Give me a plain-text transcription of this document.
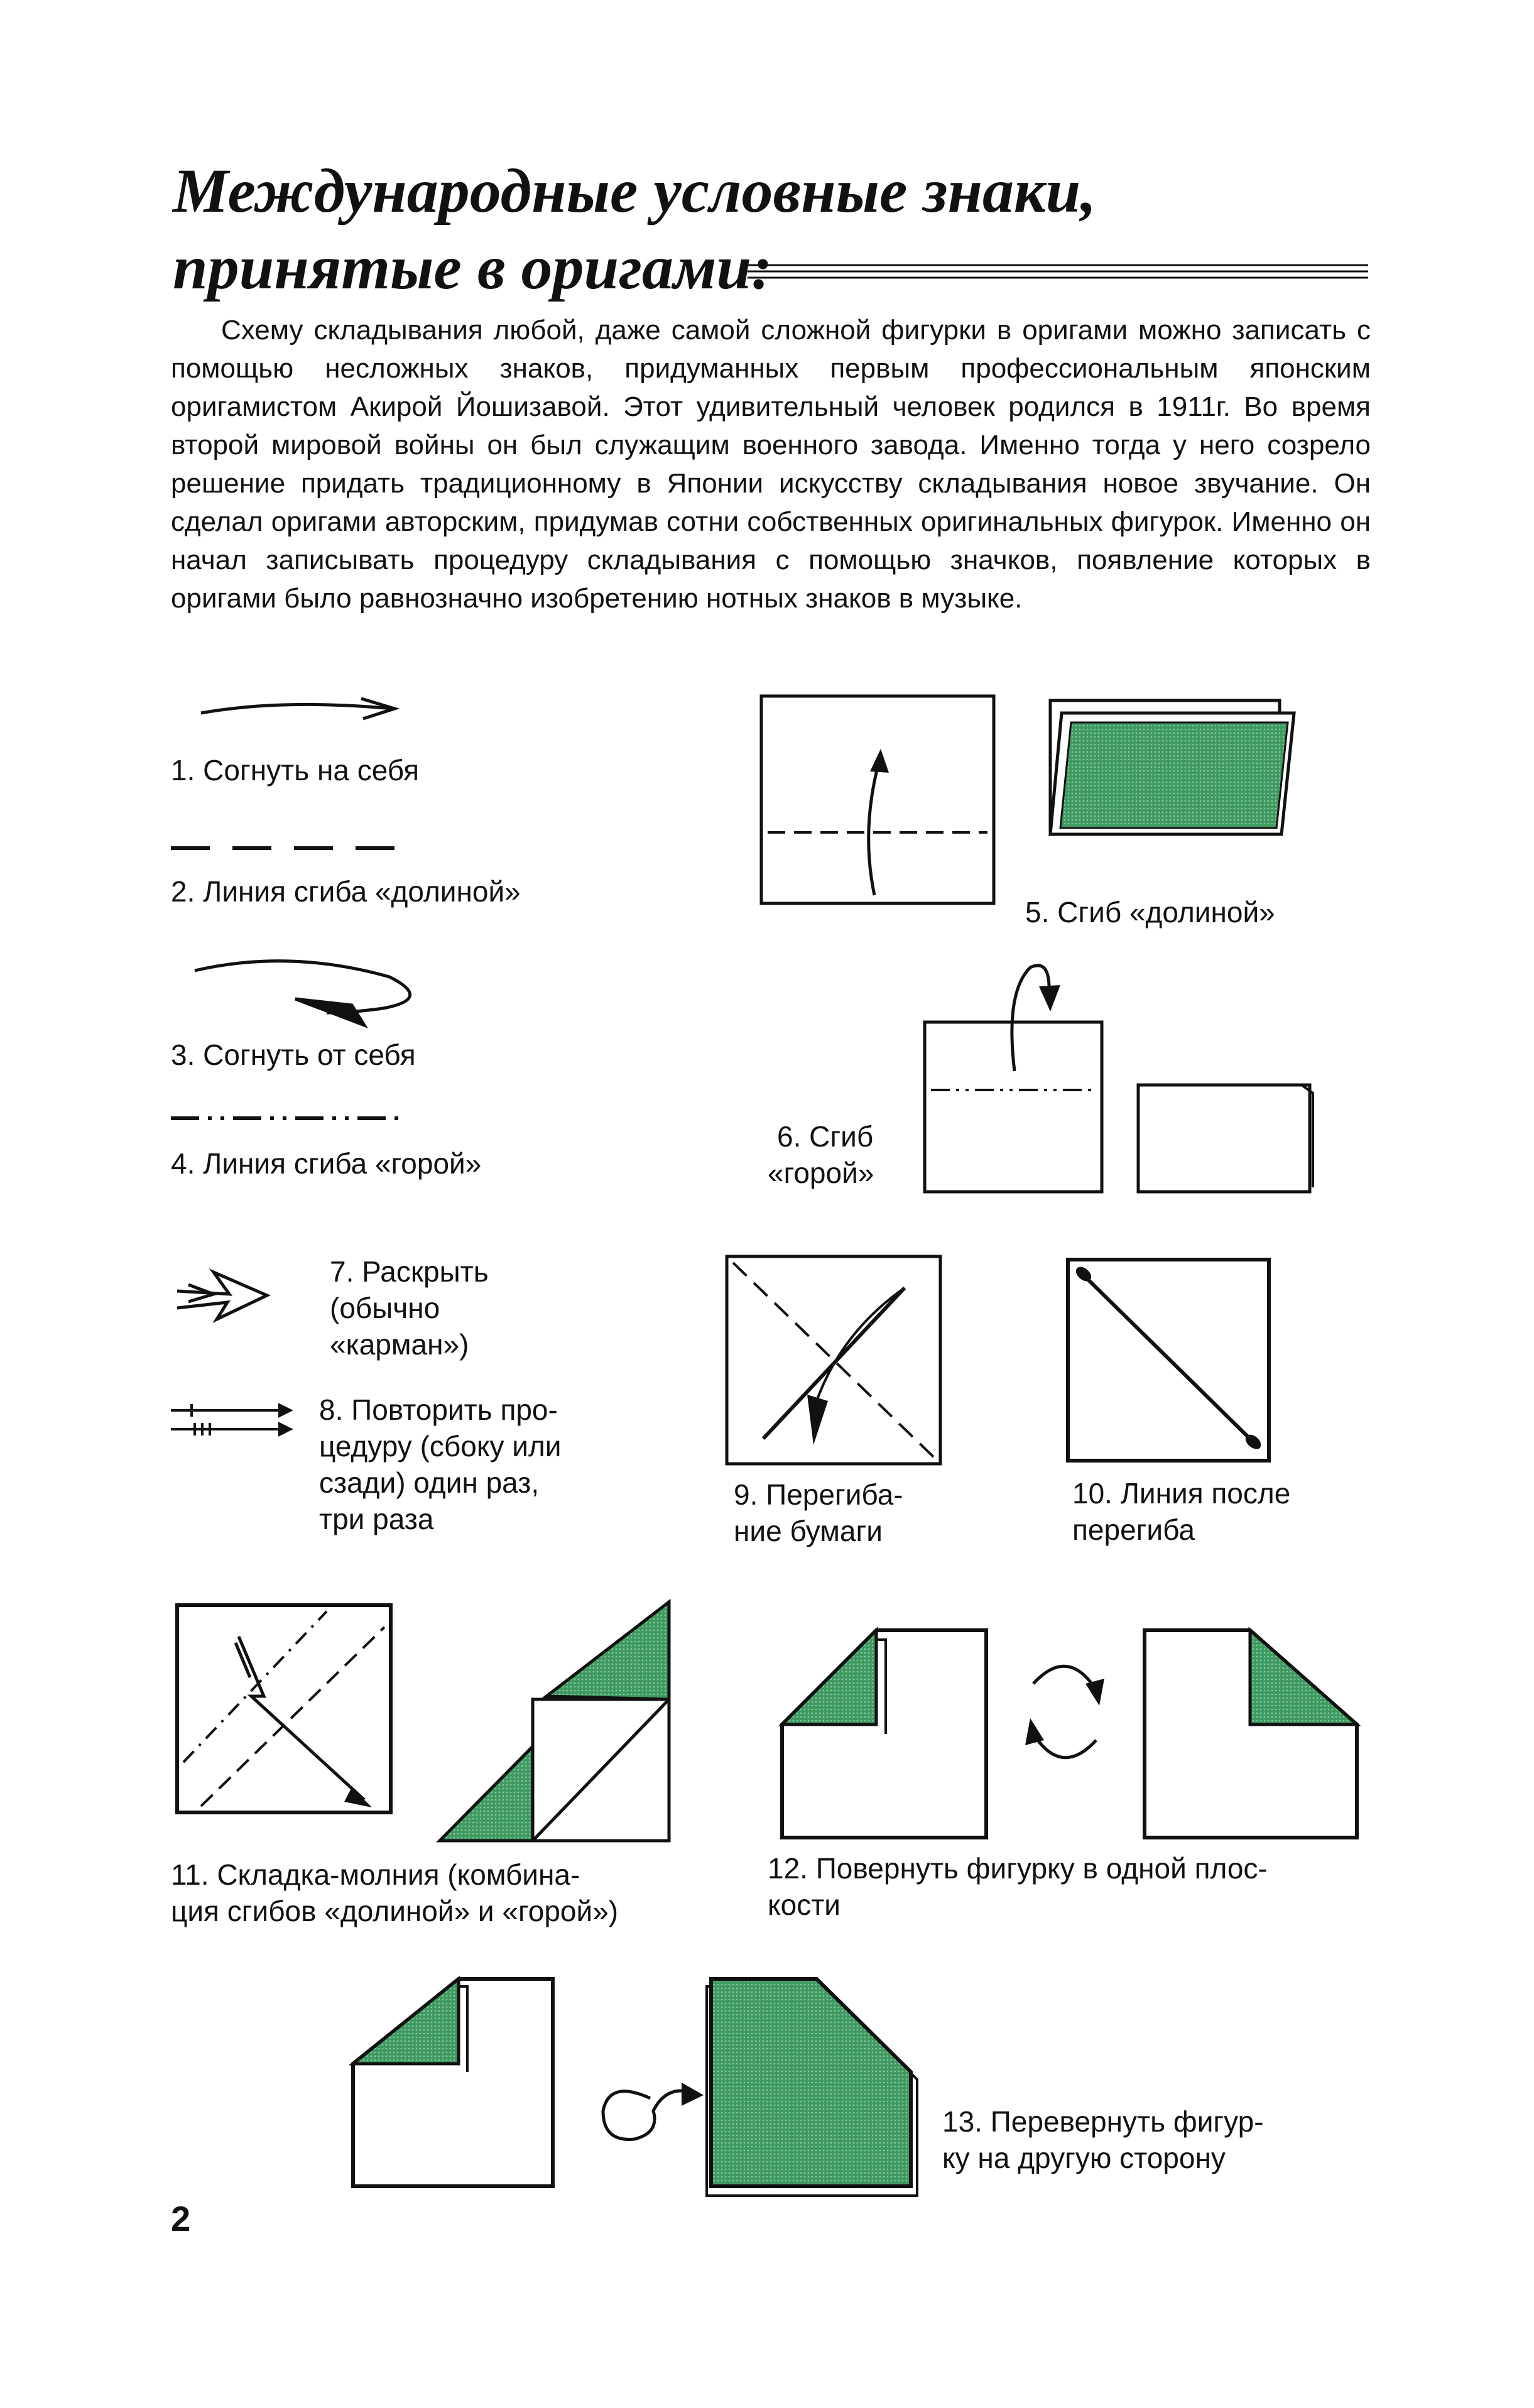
Международные условные знаки,
принятые в оригами:
Схему складывания любой, даже самой сложной фигурки в оригами можно записать с помощью несложных знаков, придуманных первым профессиональным японским оригамистом Акирой Йошизавой. Этот удивительный человек родился в 1911г. Во время второй мировой войны он был служащим военного завода. Именно тогда у него созрело решение придать традиционному в Японии искусству складывания новое звучание. Он сделал оригами авторским, придумав сотни собственных оригинальных фигурок. Именно он начал записывать процедуру складывания с помощью значков, появление которых в оригами было равнозначно изобретению нотных знаков в музыке.
1. Согнуть на себя
2. Линия сгиба «долиной»
3. Согнуть от себя
4. Линия сгиба «горой»
5. Сгиб «долиной»
6. Сгиб
«горой»
7. Раскрыть
(обычно
«карман»)
8. Повторить про-
цедуру (сбоку или
сзади) один раз,
три раза
9. Перегиба-
ние бумаги
10. Линия после
перегиба
11. Складка-молния (комбина-
ция сгибов «долиной» и «горой»)
12. Повернуть фигурку в одной плос-
кости
13. Перевернуть фигур-
ку на другую сторону
2
